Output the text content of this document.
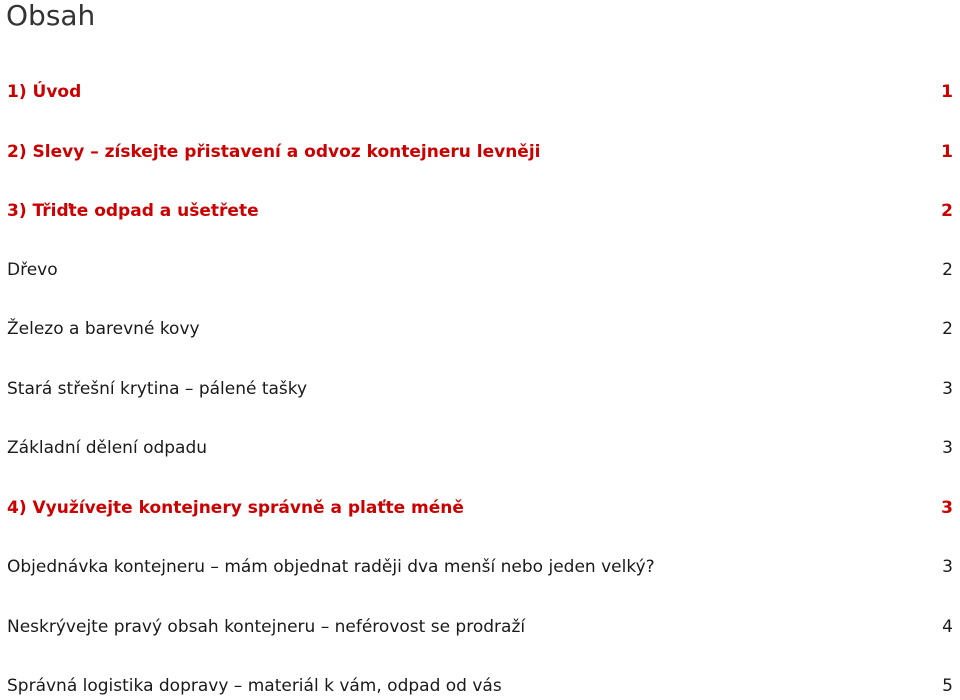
Obsah
1) Úvod	1
2) Slevy – získejte přistavení a odvoz kontejneru levněji	1
3) Třiďte odpad a ušetřete	2
Dřevo	2
Železo a barevné kovy	2
Stará střešní krytina – pálené tašky	3
Základní dělení odpadu	3
4) Využívejte kontejnery správně a plaťte méně	3
Objednávka kontejneru – mám objednat raději dva menší nebo jeden velký?	3
Neskrývejte pravý obsah kontejneru – neférovost se prodraží	4
Správná logistika dopravy – materiál k vám, odpad od vás	5
